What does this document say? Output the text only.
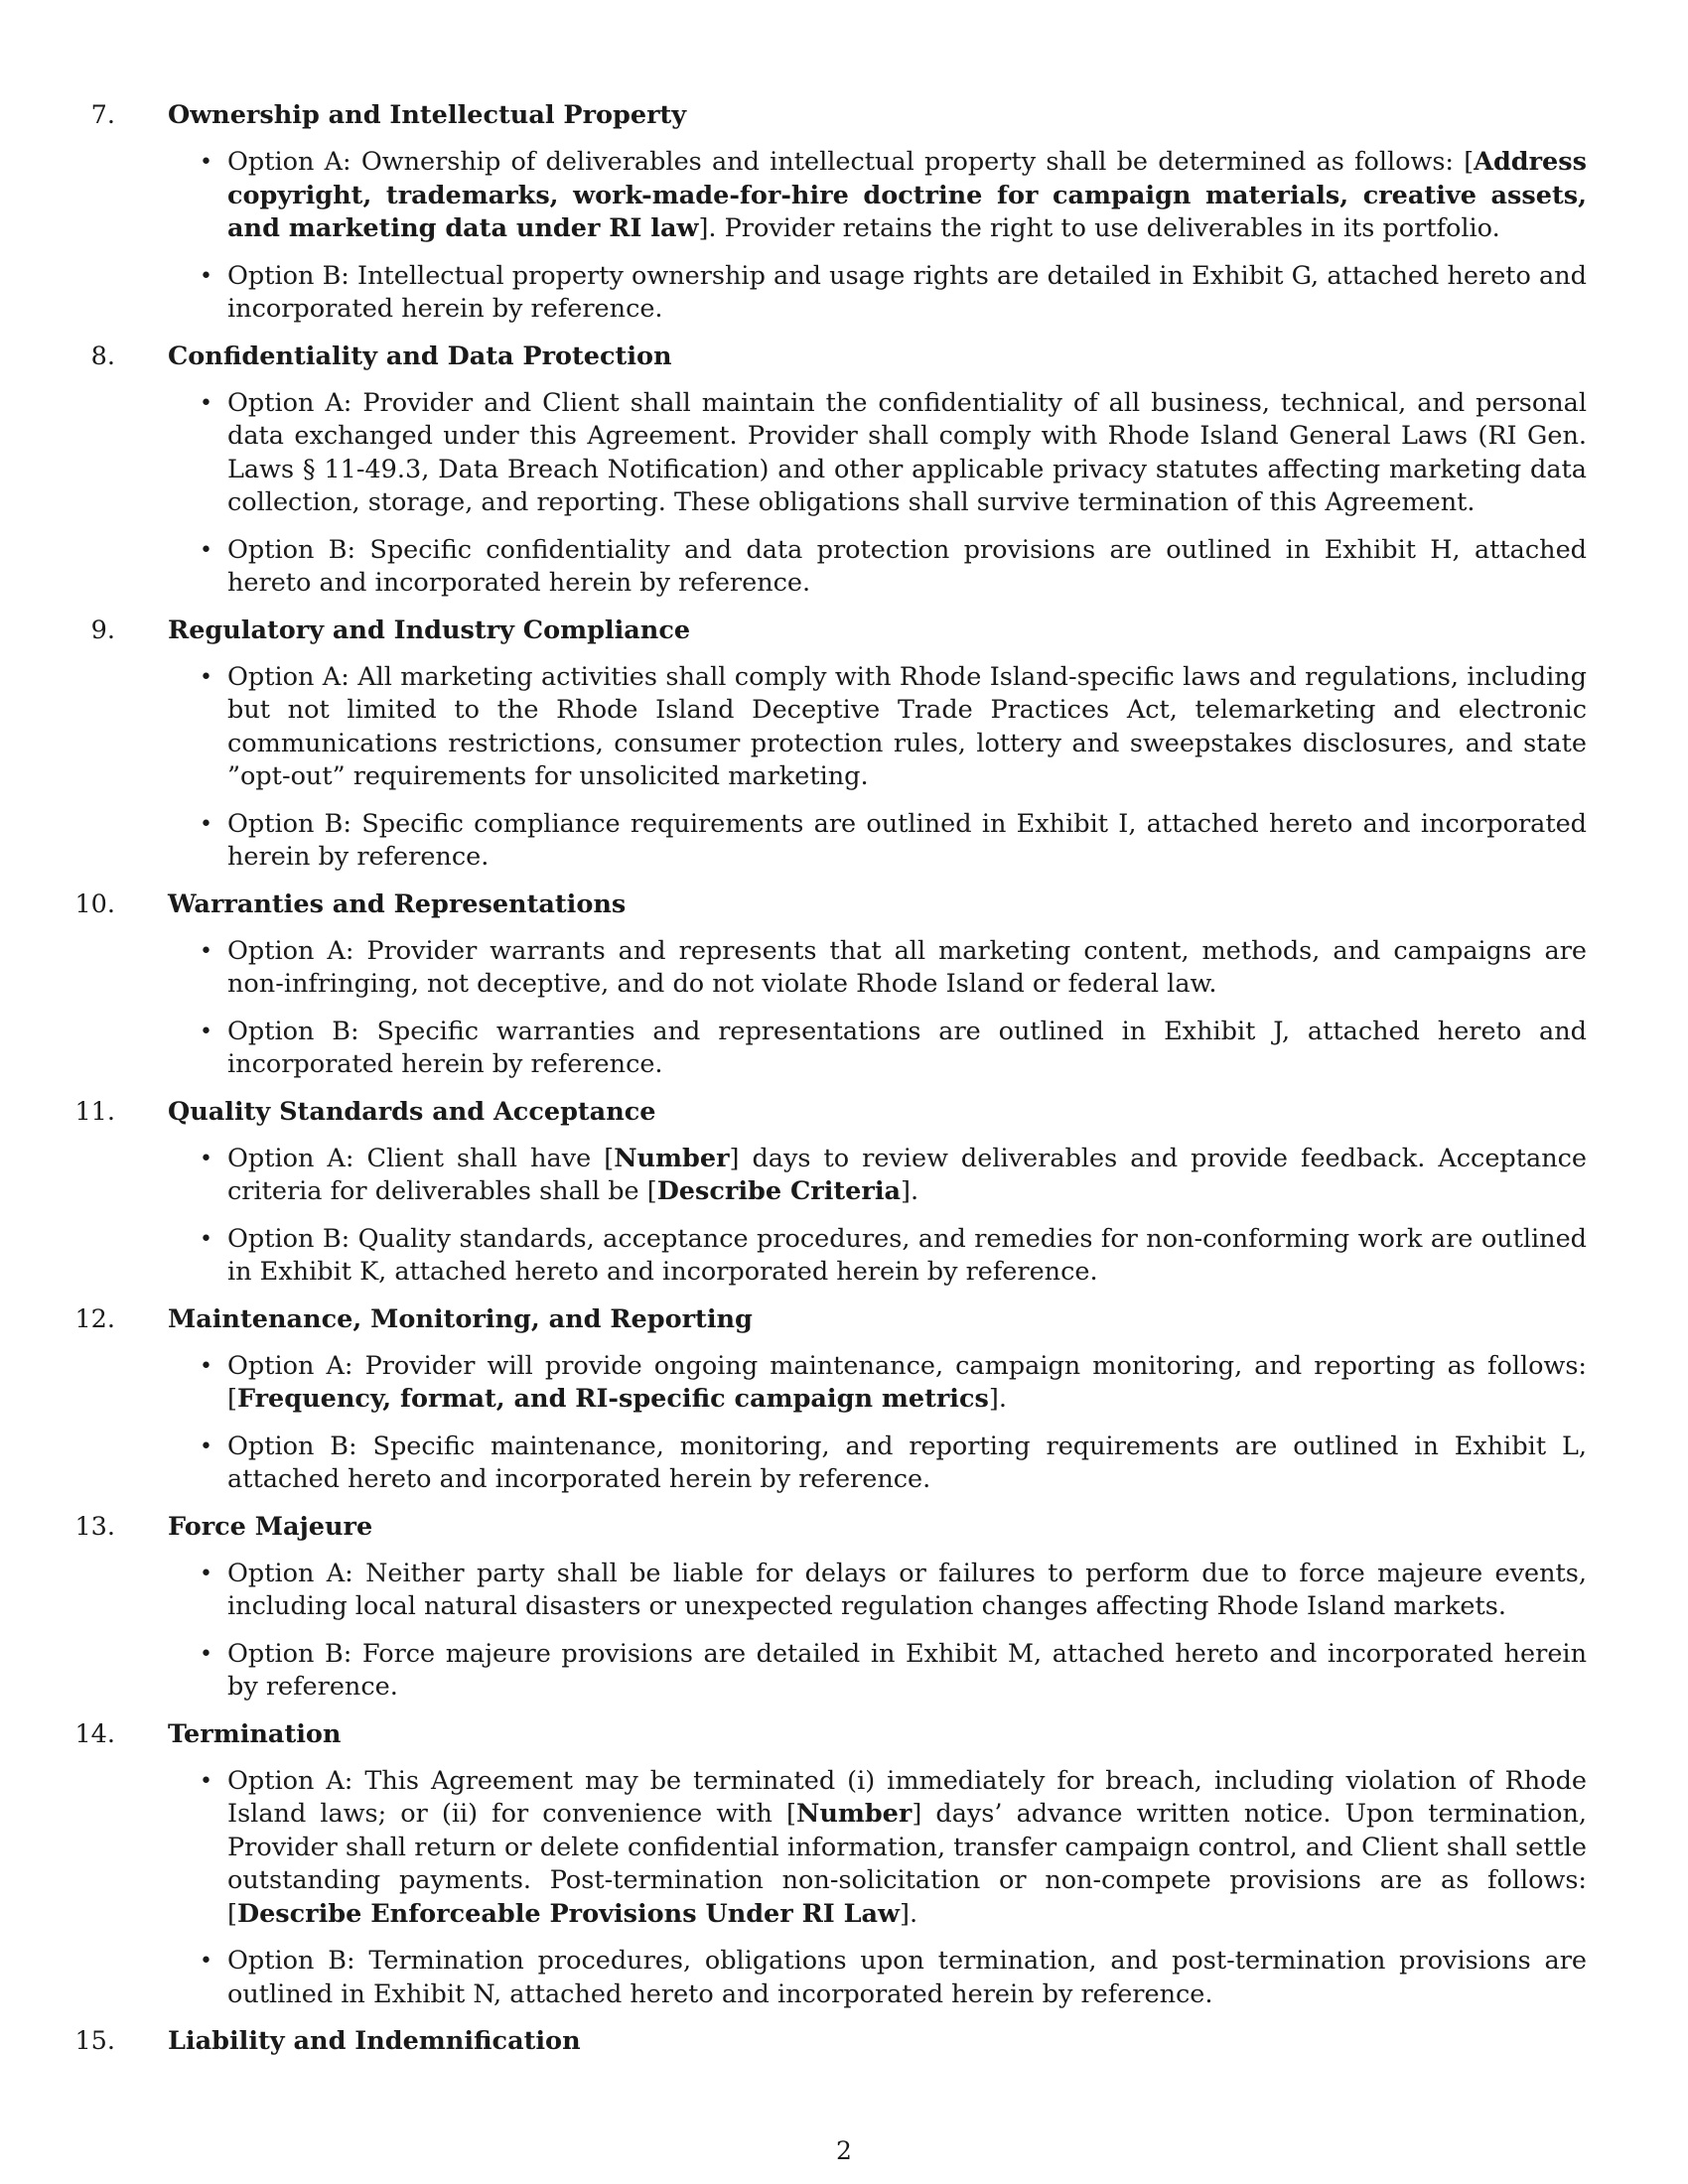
7. Ownership and Intellectual Property
• Option A: Ownership of deliverables and intellectual property shall be determined as follows: [Address copyright, trademarks, work-made-for-hire doctrine for campaign materials, creative assets, and marketing data under RI law]. Provider retains the right to use deliverables in its portfolio.
• Option B: Intellectual property ownership and usage rights are detailed in Exhibit G, attached hereto and incorporated herein by reference.
8. Confidentiality and Data Protection
• Option A: Provider and Client shall maintain the confidentiality of all business, technical, and personal data exchanged under this Agreement. Provider shall comply with Rhode Island General Laws (RI Gen. Laws § 11-49.3, Data Breach Notification) and other applicable privacy statutes affecting marketing data collection, storage, and reporting. These obligations shall survive termination of this Agreement.
• Option B: Specific confidentiality and data protection provisions are outlined in Exhibit H, attached hereto and incorporated herein by reference.
9. Regulatory and Industry Compliance
• Option A: All marketing activities shall comply with Rhode Island-specific laws and regulations, including but not limited to the Rhode Island Deceptive Trade Practices Act, telemarketing and electronic communications restrictions, consumer protection rules, lottery and sweepstakes disclosures, and state ”opt-out” requirements for unsolicited marketing.
• Option B: Specific compliance requirements are outlined in Exhibit I, attached hereto and incorporated herein by reference.
10. Warranties and Representations
• Option A: Provider warrants and represents that all marketing content, methods, and campaigns are non-infringing, not deceptive, and do not violate Rhode Island or federal law.
• Option B: Specific warranties and representations are outlined in Exhibit J, attached hereto and incorporated herein by reference.
11. Quality Standards and Acceptance
• Option A: Client shall have [Number] days to review deliverables and provide feedback. Acceptance criteria for deliverables shall be [Describe Criteria].
• Option B: Quality standards, acceptance procedures, and remedies for non-conforming work are outlined in Exhibit K, attached hereto and incorporated herein by reference.
12. Maintenance, Monitoring, and Reporting
• Option A: Provider will provide ongoing maintenance, campaign monitoring, and reporting as follows: [Frequency, format, and RI-specific campaign metrics].
• Option B: Specific maintenance, monitoring, and reporting requirements are outlined in Exhibit L, attached hereto and incorporated herein by reference.
13. Force Majeure
• Option A: Neither party shall be liable for delays or failures to perform due to force majeure events, including local natural disasters or unexpected regulation changes affecting Rhode Island markets.
• Option B: Force majeure provisions are detailed in Exhibit M, attached hereto and incorporated herein by reference.
14. Termination
• Option A: This Agreement may be terminated (i) immediately for breach, including violation of Rhode Island laws; or (ii) for convenience with [Number] days’ advance written notice. Upon termination, Provider shall return or delete confidential information, transfer campaign control, and Client shall settle outstanding payments. Post-termination non-solicitation or non-compete provisions are as follows: [Describe Enforceable Provisions Under RI Law].
• Option B: Termination procedures, obligations upon termination, and post-termination provisions are outlined in Exhibit N, attached hereto and incorporated herein by reference.
15. Liability and Indemnification
2
